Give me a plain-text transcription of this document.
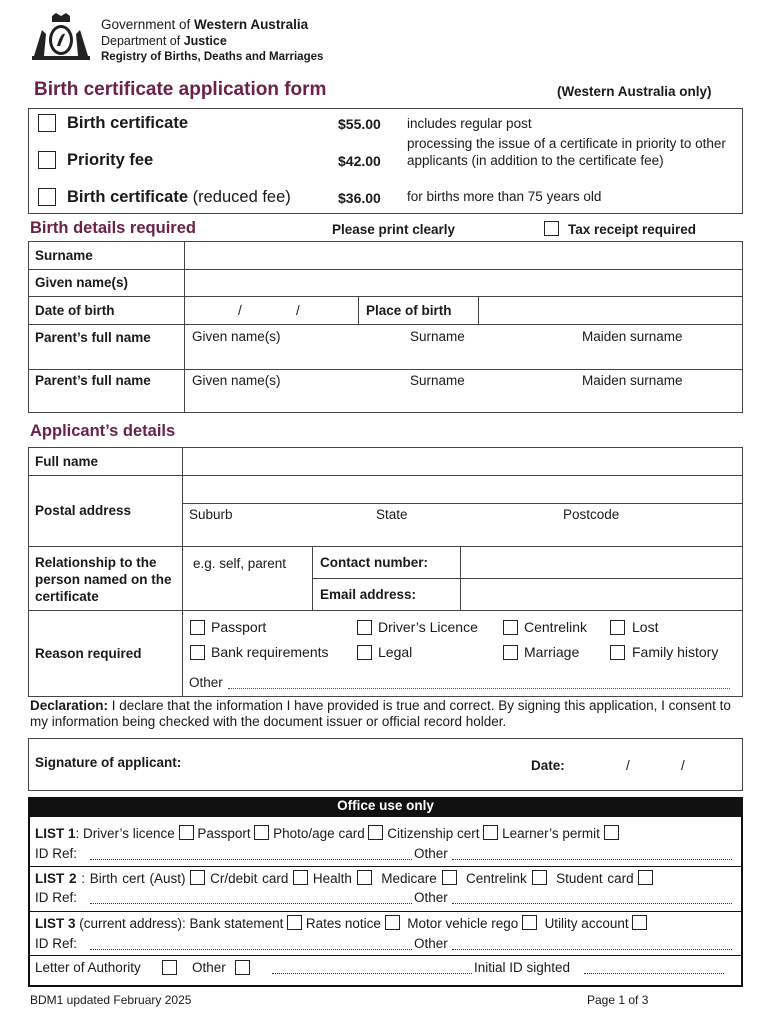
Government of Western Australia
Department of Justice
Registry of Births, Deaths and Marriages
Birth certificate application form	(Western Australia only)
Birth certificate	$55.00 includes regular post
Priority fee	$42.00
processing the issue of a certificate in priority to other applicants (in addition to the certificate fee)
Birth certificate (reduced fee)	$36.00 for births more than 75 years old
Birth details required	Please print clearly	Tax receipt required
Surname
Given name(s)
Date of birth	/	/	Place of birth
Parent’s full name	Given name(s)	Surname	Maiden surname
Parent’s full name	Given name(s)	Surname	Maiden surname
Applicant’s details
Full name
Postal address	Suburb	State	Postcode
Relationship to the person named on the certificate
e.g. self, parent	Contact number:
Email address:
Reason required
Passport	Driver’s Licence	Centrelink	Lost
Bank requirements	Legal	Marriage	Family history
Other
Declaration: I declare that the information I have provided is true and correct. By signing this application, I consent to my information being checked with the document issuer or official record holder.
Signature of applicant:	Date:	/	/
Office use only
LIST 1: Driver’s licence Passport Photo/age card Citizenship cert Learner’s permit
ID Ref:	Other
LIST 2 : Birth cert (Aust) Cr/debit card Health Medicare Centrelink Student card
ID Ref:	Other
LIST 3 (current address): Bank statement Rates notice Motor vehicle rego Utility account
ID Ref:	Other
Letter of Authority	Other	Initial ID sighted
BDM1 updated February 2025	Page 1 of 3
